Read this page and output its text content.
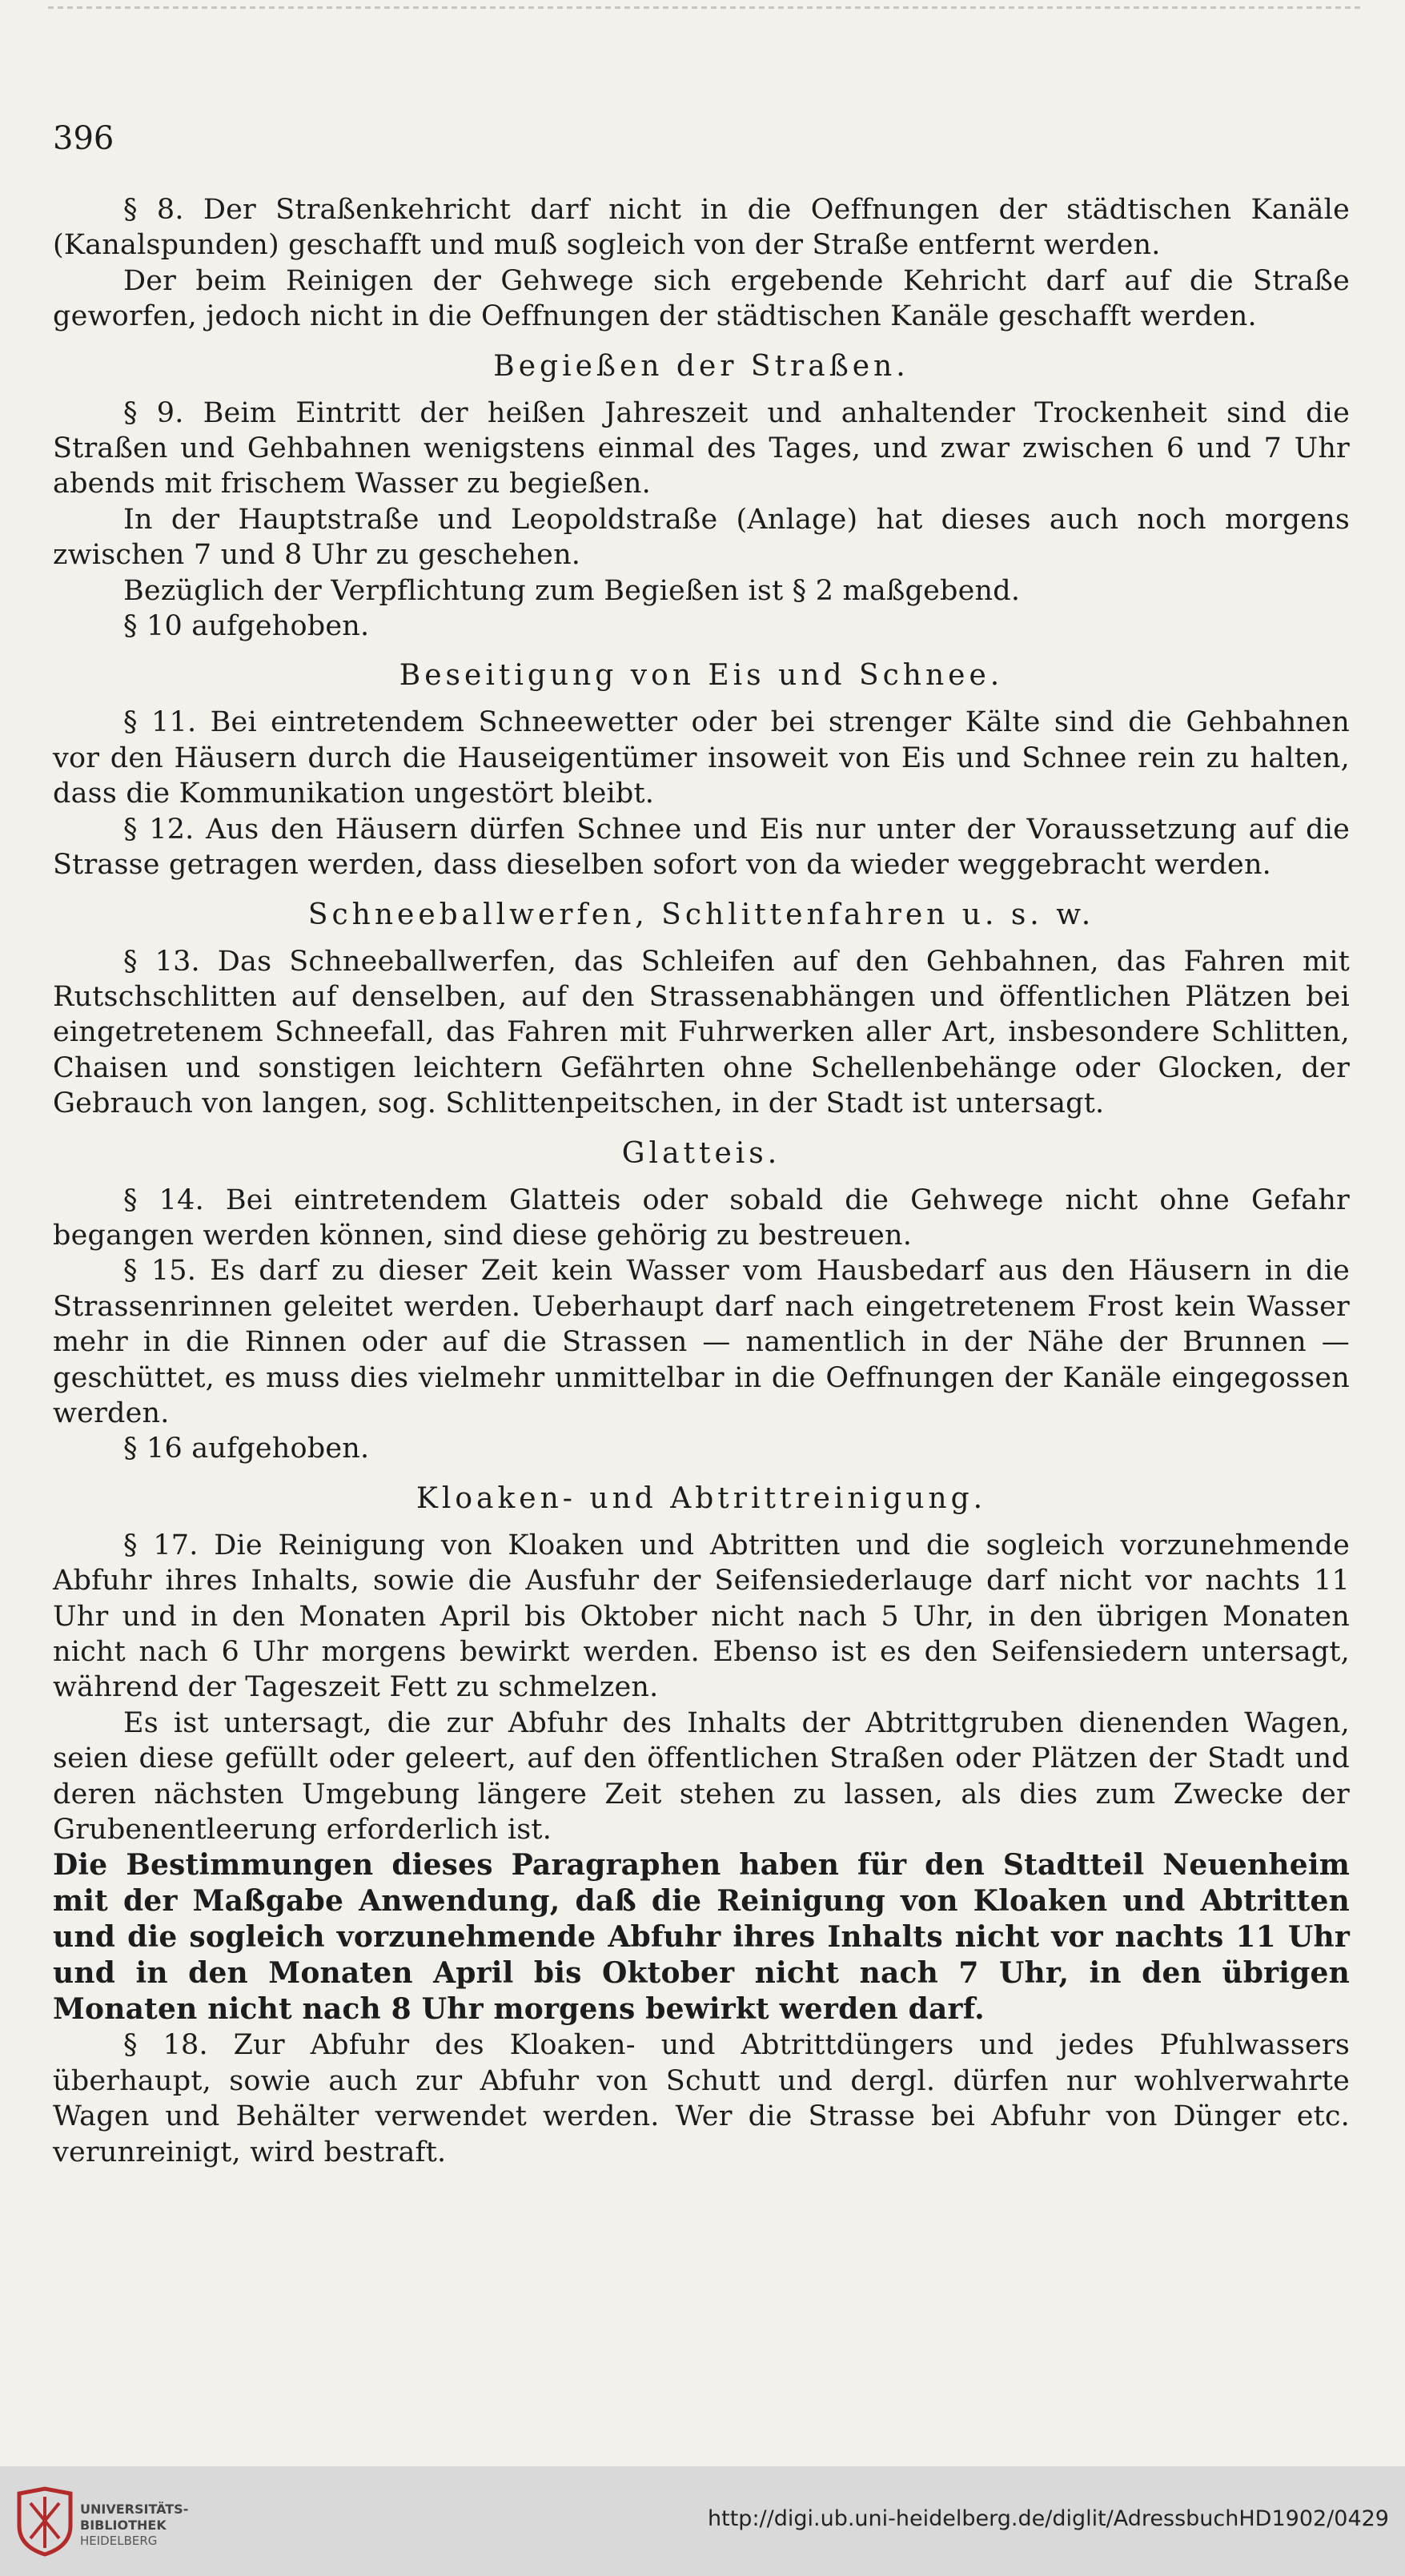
396

§ 8. Der Straßenkehricht darf nicht in die Oeffnungen der städtischen Kanäle (Kanalspunden) geschafft und muß sogleich von der Straße entfernt werden.

Der beim Reinigen der Gehwege sich ergebende Kehricht darf auf die Straße geworfen, jedoch nicht in die Oeffnungen der städtischen Kanäle geschafft werden.

Begießen der Straßen.

§ 9. Beim Eintritt der heißen Jahreszeit und anhaltender Trockenheit sind die Straßen und Gehbahnen wenigstens einmal des Tages, und zwar zwischen 6 und 7 Uhr abends mit frischem Wasser zu begießen.

In der Hauptstraße und Leopoldstraße (Anlage) hat dieses auch noch morgens zwischen 7 und 8 Uhr zu geschehen.

Bezüglich der Verpflichtung zum Begießen ist § 2 maßgebend.

§ 10 aufgehoben.

Beseitigung von Eis und Schnee.

§ 11. Bei eintretendem Schneewetter oder bei strenger Kälte sind die Gehbahnen vor den Häusern durch die Hauseigentümer insoweit von Eis und Schnee rein zu halten, dass die Kommunikation ungestört bleibt.

§ 12. Aus den Häusern dürfen Schnee und Eis nur unter der Voraussetzung auf die Strasse getragen werden, dass dieselben sofort von da wieder weggebracht werden.

Schneeballwerfen, Schlittenfahren u. s. w.

§ 13. Das Schneeballwerfen, das Schleifen auf den Gehbahnen, das Fahren mit Rutschschlitten auf denselben, auf den Strassenabhängen und öffentlichen Plätzen bei eingetretenem Schneefall, das Fahren mit Fuhrwerken aller Art, insbesondere Schlitten, Chaisen und sonstigen leichtern Gefährten ohne Schellenbehänge oder Glocken, der Gebrauch von langen, sog. Schlittenpeitschen, in der Stadt ist untersagt.

Glatteis.

§ 14. Bei eintretendem Glatteis oder sobald die Gehwege nicht ohne Gefahr begangen werden können, sind diese gehörig zu bestreuen.

§ 15. Es darf zu dieser Zeit kein Wasser vom Hausbedarf aus den Häusern in die Strassenrinnen geleitet werden. Ueberhaupt darf nach eingetretenem Frost kein Wasser mehr in die Rinnen oder auf die Strassen — namentlich in der Nähe der Brunnen — geschüttet, es muss dies vielmehr unmittelbar in die Oeffnungen der Kanäle eingegossen werden.

§ 16 aufgehoben.

Kloaken- und Abtrittreinigung.

§ 17. Die Reinigung von Kloaken und Abtritten und die sogleich vorzunehmende Abfuhr ihres Inhalts, sowie die Ausfuhr der Seifensiederlauge darf nicht vor nachts 11 Uhr und in den Monaten April bis Oktober nicht nach 5 Uhr, in den übrigen Monaten nicht nach 6 Uhr morgens bewirkt werden. Ebenso ist es den Seifensiedern untersagt, während der Tageszeit Fett zu schmelzen.

Es ist untersagt, die zur Abfuhr des Inhalts der Abtrittgruben dienenden Wagen, seien diese gefüllt oder geleert, auf den öffentlichen Straßen oder Plätzen der Stadt und deren nächsten Umgebung längere Zeit stehen zu lassen, als dies zum Zwecke der Grubenentleerung erforderlich ist.

Die Bestimmungen dieses Paragraphen haben für den Stadtteil Neuenheim mit der Maßgabe Anwendung, daß die Reinigung von Kloaken und Abtritten und die sogleich vorzunehmende Abfuhr ihres Inhalts nicht vor nachts 11 Uhr und in den Monaten April bis Oktober nicht nach 7 Uhr, in den übrigen Monaten nicht nach 8 Uhr morgens bewirkt werden darf.

§ 18. Zur Abfuhr des Kloaken- und Abtrittdüngers und jedes Pfuhlwassers überhaupt, sowie auch zur Abfuhr von Schutt und dergl. dürfen nur wohlverwahrte Wagen und Behälter verwendet werden. Wer die Strasse bei Abfuhr von Dünger etc. verunreinigt, wird bestraft.

UNIVERSITÄTS-
BIBLIOTHEK
HEIDELBERG
http://digi.ub.uni-heidelberg.de/diglit/AdressbuchHD1902/0429
